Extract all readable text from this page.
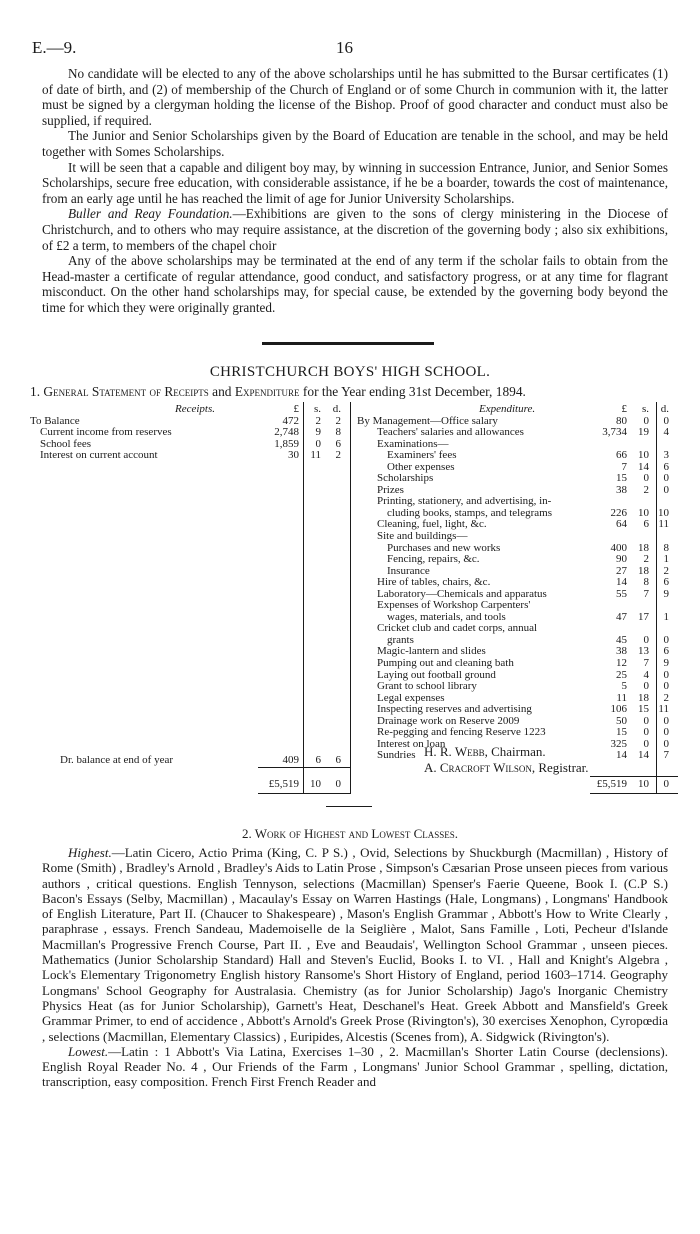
E.—9.	16

No candidate will be elected to any of the above scholarships until he has submitted to the Bursar certificates (1) of date of birth, and (2) of membership of the Church of England or of some Church in communion with it, the latter must be signed by a clergyman holding the license of the Bishop. Proof of good character and conduct must also be supplied, if required.

The Junior and Senior Scholarships given by the Board of Education are tenable in the school, and may be held together with Somes Scholarships.

It will be seen that a capable and diligent boy may, by winning in succession Entrance, Junior, and Senior Somes Scholarships, secure free education, with considerable assistance, if he be a boarder, towards the cost of maintenance, from an early age until he has reached the limit of age for Junior University Scholarships.

Buller and Reay Foundation.—Exhibitions are given to the sons of clergy ministering in the Diocese of Christchurch, and to others who may require assistance, at the discretion of the governing body ; also six exhibitions, of £2 a term, to members of the chapel choir

Any of the above scholarships may be terminated at the end of any term if the scholar fails to obtain from the Head-master a certificate of regular attendance, good conduct, and satisfactory progress, or at any time for flagrant misconduct. On the other hand scholarships may, for special cause, be extended by the governing body beyond the time for which they were originally granted.

CHRISTCHURCH BOYS' HIGH SCHOOL.
1. General Statement of Receipts and Expenditure for the Year ending 31st December, 1894.
Receipts.	£	s.	d.
To Balance	472	2	2
Current income from reserves	2,748	9	8
School fees	1,859	0	6
Interest on current account	30	11	2
Dr. balance at end of year	409	6	6
£5,519	10	0
Expenditure.	£	s.	d.
By Management—Office salary	80	0	0
Teachers' salaries and allowances	3,734	19	4
Examinations—
Examiners' fees	66	10	3
Other expenses	7	14	6
Scholarships	15	0	0
Prizes	38	2	0
Printing, stationery, and advertising, in-
cluding books, stamps, and telegrams	226	10 10
Cleaning, fuel, light, &c.	64	6 11
Site and buildings—
Purchases and new works	400	18	8
Fencing, repairs, &c.	90	2	1
Insurance	27	18	2
Hire of tables, chairs, &c.	14	8	6
Laboratory—Chemicals and apparatus	55	7	9
Expenses of Workshop Carpenters'
wages, materials, and tools	47	17	1
Cricket club and cadet corps, annual
grants	45	0	0
Magic-lantern and slides	38	13	6
Pumping out and cleaning bath	12	7	9
Laying out football ground	25	4	0
Grant to school library	5	0	0
Legal expenses	11	18	2
Inspecting reserves and advertising	106	15 11
Drainage work on Reserve 2009	50	0	0
Re-pegging and fencing Reserve 1223	15	0	0
Interest on loan	325	0	0
Sundries	14	14	7
£5,519	10	0
H. R. Webb, Chairman.
A. Cracroft Wilson, Registrar.
2. Work of Highest and Lowest Classes.

Highest.—Latin Cicero, Actio Prima (King, C. P S.) , Ovid, Selections by Shuckburgh (Macmillan) , History of Rome (Smith) , Bradley's Arnold , Bradley's Aids to Latin Prose , Simpson's Cæsarian Prose unseen pieces from various authors , critical questions. English Tennyson, selections (Macmillan) Spenser's Faerie Queene, Book I. (C.P S.) Bacon's Essays (Selby, Macmillan) , Macaulay's Essay on Warren Hastings (Hale, Longmans) , Longmans' Handbook of English Literature, Part II. (Chaucer to Shakespeare) , Mason's English Grammar , Abbott's How to Write Clearly , paraphrase , essays. French Sandeau, Mademoiselle de la Seiglière , Malot, Sans Famille , Loti, Pecheur d'Islande Macmillan's Progressive French Course, Part II. , Eve and Beaudais', Wellington School Grammar , unseen pieces. Mathematics (Junior Scholarship Standard) Hall and Steven's Euclid, Books I. to VI. , Hall and Knight's Algebra , Lock's Elementary Trigonometry English history Ransome's Short History of England, period 1603–1714. Geography Longmans' School Geography for Australasia. Chemistry (as for Junior Scholarship) Jago's Inorganic Chemistry Physics Heat (as for Junior Scholarship), Garnett's Heat, Deschanel's Heat. Greek Abbott and Mansfield's Greek Grammar Primer, to end of accidence , Abbott's Arnold's Greek Prose (Rivington's), 30 exercises Xenophon, Cyropœdia , selections (Macmillan, Elementary Classics) , Euripides, Alcestis (Scenes from), A. Sidgwick (Rivington's).

Lowest.—Latin : 1 Abbott's Via Latina, Exercises 1–30 , 2. Macmillan's Shorter Latin Course (declensions). English Royal Reader No. 4 , Our Friends of the Farm , Longmans' Junior School Grammar , spelling, dictation, transcription, easy composition. French First French Reader and
